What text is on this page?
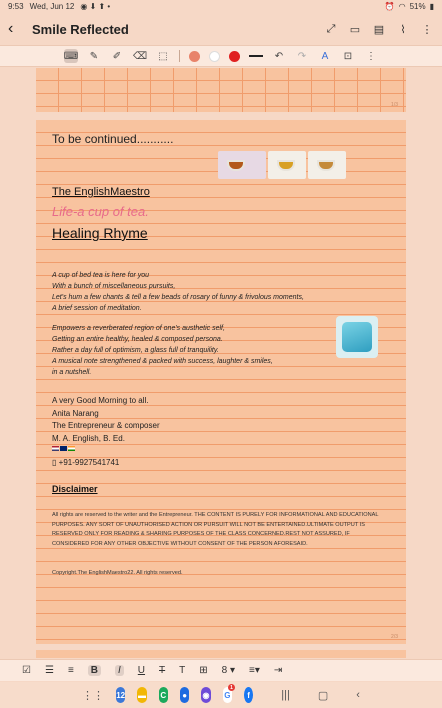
9:53 Wed, Jun 12 ◉ ⬇ ⬆ •	⏰ ◠ 51% ▮
‹	Smile Reflected	⤢ ▭ ▤	⌇	⋮
⌨ ✎ ✐ ⌫ ⬚	↶ ↷	A	⊡ ⋮
1/3
To be continued...........
The EnglishMaestro
Life-a cup of tea.
Healing Rhyme

A cup of bed tea is here for you
With a bunch of miscellaneous pursuits,
Let's hum a few chants & tell a few beads of rosary of funny & frivolous moments,
A brief session of meditation.

Empowers a reverberated region of one's austhetic self,
Getting an entire healthy, healed & composed persona.
Rather a day full of optimism, a glass full of tranquility.
A musical note strengthened & packed with success, laughter & smiles,
in a nutshell.

A very Good Morning to all.
Anita Narang
The Entrepreneur & composer
M. A. English, B. Ed.
▯ +91-9927541741
Disclaimer
All rights are reserved to the writer and the Entrepreneur. THE CONTENT IS PURELY FOR INFORMATIONAL AND EDUCATIONAL PURPOSES. ANY SORT OF UNAUTHORISED ACTION OR PURSUIT WILL NOT BE ENTERTAINED.ULTIMATE OUTPUT IS RESERVED ONLY FOR READING & SHARING PURPOSES OF THE CLASS CONCERNED.REST NOT ASSURED, IF CONSIDERED FOR ANY OTHER OBJECTIVE WITHOUT CONSENT OF THE PERSON AFORESAID.
Copyright.The EnglishMaestro22. All rights reserved.
2/3
☑ ☰ ≡	B	I	U T T ⊞ 8 ▾ ≡▾ ⇥
⋮⋮ 12 ▬ C ● ◉ G
1
f	|||	▢	‹
